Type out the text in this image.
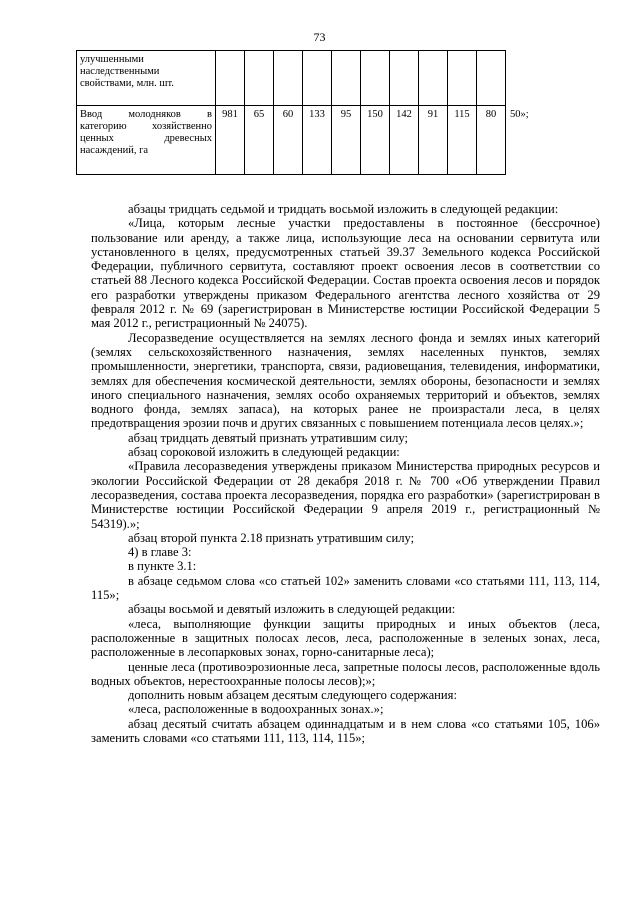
73
улучшенными наследственными свойствами, млн. шт.											
Ввод молодняков в категорию хозяйственно ценных древесных насаждений, га	981	65	60	133	95	150	142	91	115	80	50»;

абзацы тридцать седьмой и тридцать восьмой изложить в следующей редакции:

«Лица, которым лесные участки предоставлены в постоянное (бессрочное) пользование или аренду, а также лица, использующие леса на основании сервитута или установленного в целях, предусмотренных статьей 39.37 Земельного кодекса Российской Федерации, публичного сервитута, составляют проект освоения лесов в соответствии со статьей 88 Лесного кодекса Российской Федерации. Состав проекта освоения лесов и порядок его разработки утверждены приказом Федерального агентства лесного хозяйства от 29 февраля 2012 г. № 69 (зарегистрирован в Министерстве юстиции Российской Федерации 5 мая 2012 г., регистрационный № 24075).

Лесоразведение осуществляется на землях лесного фонда и землях иных категорий (землях сельскохозяйственного назначения, землях населенных пунктов, землях промышленности, энергетики, транспорта, связи, радиовещания, телевидения, информатики, землях для обеспечения космической деятельности, землях обороны, безопасности и землях иного специального назначения, землях особо охраняемых территорий и объектов, землях водного фонда, землях запаса), на которых ранее не произрастали леса, в целях предотвращения эрозии почв и других связанных с повышением потенциала лесов целях.»;

абзац тридцать девятый признать утратившим силу;

абзац сороковой изложить в следующей редакции:

«Правила лесоразведения утверждены приказом Министерства природных ресурсов и экологии Российской Федерации от 28 декабря 2018 г. № 700 «Об утверждении Правил лесоразведения, состава проекта лесоразведения, порядка его разработки» (зарегистрирован в Министерстве юстиции Российской Федерации 9 апреля 2019 г., регистрационный № 54319).»;

абзац второй пункта 2.18 признать утратившим силу;

4) в главе 3:

в пункте 3.1:

в абзаце седьмом слова «со статьей 102» заменить словами «со статьями 111, 113, 114, 115»;

абзацы восьмой и девятый изложить в следующей редакции:

«леса, выполняющие функции защиты природных и иных объектов (леса, расположенные в защитных полосах лесов, леса, расположенные в зеленых зонах, леса, расположенные в лесопарковых зонах, горно-санитарные леса);

ценные леса (противоэрозионные леса, запретные полосы лесов, расположенные вдоль водных объектов, нерестоохранные полосы лесов);»;

дополнить новым абзацем десятым следующего содержания:

«леса, расположенные в водоохранных зонах.»;

абзац десятый считать абзацем одиннадцатым и в нем слова «со статьями 105, 106» заменить словами «со статьями 111, 113, 114, 115»;
